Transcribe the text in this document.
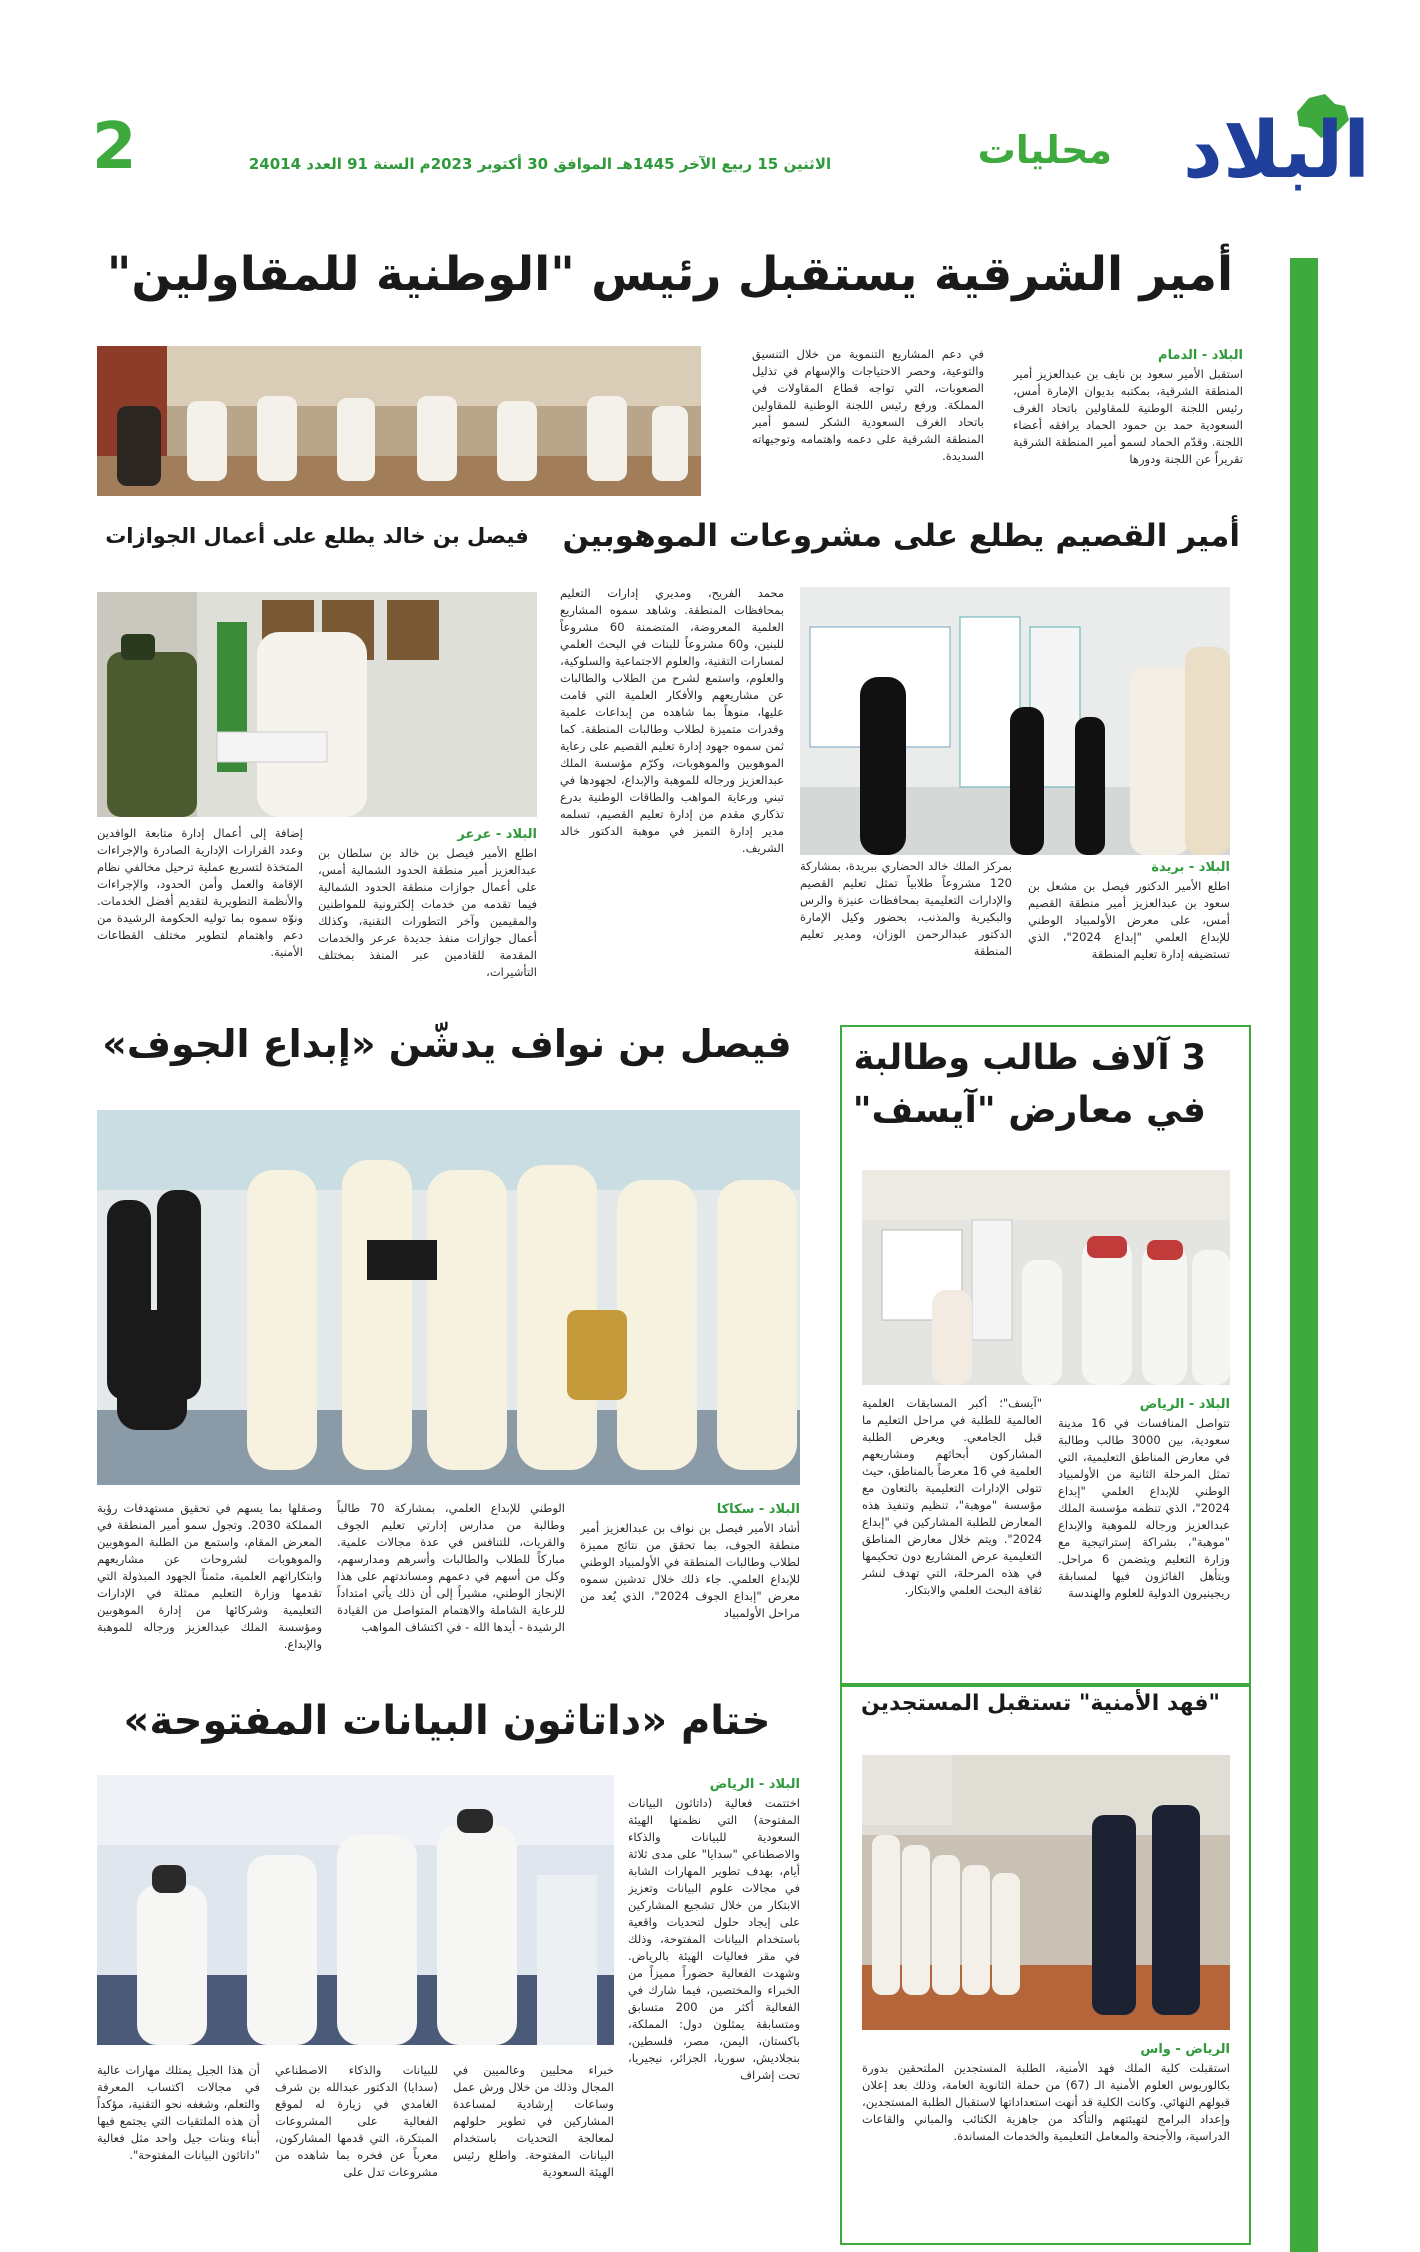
2	الاثنين 15 ربيع الآخر 1445هـ الموافق 30 أكتوبر 2023م السنة 91 العدد 24014	محليات البلاد
أمير الشرقية يستقبل رئيس "الوطنية للمقاولين"
البلاد - الدمام

استقبل الأمير سعود بن نايف بن عبدالعزيز أمير المنطقة الشرقية، بمكتبه بديوان الإمارة أمس، رئيس اللجنة الوطنية للمقاولين باتحاد الغرف السعودية حمد بن حمود الحماد يرافقه أعضاء اللجنة. وقدّم الحماد لسمو أمير المنطقة الشرقية تقريراً عن اللجنة ودورها

في دعم المشاريع التنموية من خلال التنسيق والتوعية، وحصر الاحتياجات والإسهام في تذليل الصعوبات، التي تواجه قطاع المقاولات في المملكة. ورفع رئيس اللجنة الوطنية للمقاولين باتحاد الغرف السعودية الشكر لسمو أمير المنطقة الشرقية على دعمه واهتمامه وتوجيهاته السديدة.

أمير القصيم يطلع على مشروعات الموهوبين
البلاد - بريدة

اطلع الأمير الدكتور فيصل بن مشعل بن سعود بن عبدالعزيز أمير منطقة القصيم أمس، على معرض الأولمبياد الوطني للإبداع العلمي "إبداع 2024"، الذي تستضيفه إدارة تعليم المنطقة

بمركز الملك خالد الحضاري ببريدة، بمشاركة 120 مشروعاً طلابياً تمثل تعليم القصيم والإدارات التعليمية بمحافظات عنيزة والرس والبكيرية والمذنب، بحضور وكيل الإمارة الدكتور عبدالرحمن الوزان، ومدير تعليم المنطقة

محمد الفريح، ومديري إدارات التعليم بمحافظات المنطقة. وشاهد سموه المشاريع العلمية المعروضة، المتضمنة 60 مشروعاً للبنين، و60 مشروعاً للبنات في البحث العلمي لمسارات التقنية، والعلوم الاجتماعية والسلوكية، والعلوم، واستمع لشرح من الطلاب والطالبات عن مشاريعهم والأفكار العلمية التي قامت عليها، منوهاً بما شاهده من إبداعات علمية وقدرات متميزة لطلاب وطالبات المنطقة. كما ثمن سموه جهود إدارة تعليم القصيم على رعاية الموهوبين والموهوبات، وكرّم مؤسسة الملك عبدالعزيز ورجاله للموهبة والإبداع، لجهودها في تبني ورعاية المواهب والطاقات الوطنية بدرع تذكاري مقدم من إدارة تعليم القصيم، تسلمه مدير إدارة التميز في موهبة الدكتور خالد الشريف.

فيصل بن خالد يطلع على أعمال الجوازات
البلاد - عرعر

اطلع الأمير فيصل بن خالد بن سلطان بن عبدالعزيز أمير منطقة الحدود الشمالية أمس، على أعمال جوازات منطقة الحدود الشمالية فيما تقدمه من خدمات إلكترونية للمواطنين والمقيمين وآخر التطورات التقنية، وكذلك أعمال جوازات منفذ جديدة عرعر والخدمات المقدمة للقادمين عبر المنفذ بمختلف التأشيرات،

إضافة إلى أعمال إدارة متابعة الوافدين وعدد القرارات الإدارية الصادرة والإجراءات المتخذة لتسريع عملية ترحيل مخالفي نظام الإقامة والعمل وأمن الحدود، والإجراءات والأنظمة التطويرية لتقديم أفضل الخدمات. ونوّه سموه بما توليه الحكومة الرشيدة من دعم واهتمام لتطوير مختلف القطاعات الأمنية.

فيصل بن نواف يدشّن «إبداع الجوف»
البلاد - سكاكا

أشاد الأمير فيصل بن نواف بن عبدالعزيز أمير منطقة الجوف، بما تحقق من نتائج مميزة لطلاب وطالبات المنطقة في الأولمبياد الوطني للإبداع العلمي. جاء ذلك خلال تدشين سموه معرض "إبداع الجوف 2024"، الذي يُعد من مراحل الأولمبياد

الوطني للإبداع العلمي، بمشاركة 70 طالباً وطالبة من مدارس إدارتي تعليم الجوف والقريات، للتنافس في عدة مجالات علمية. مباركاً للطلاب والطالبات وأسرهم ومدارسهم، وكل من أسهم في دعمهم ومساندتهم على هذا الإنجاز الوطني، مشيراً إلى أن ذلك يأتي امتداداً للرعاية الشاملة والاهتمام المتواصل من القيادة الرشيدة - أيدها الله - في اكتشاف المواهب

وصقلها بما يسهم في تحقيق مستهدفات رؤية المملكة 2030. وتجول سمو أمير المنطقة في المعرض المقام، واستمع من الطلبة الموهوبين والموهوبات لشروحات عن مشاريعهم وابتكاراتهم العلمية، مثمناً الجهود المبذولة التي تقدمها وزارة التعليم ممثلة في الإدارات التعليمية وشركائها من إدارة الموهوبين ومؤسسة الملك عبدالعزيز ورجاله للموهبة والإبداع.

3 آلاف طالب وطالبة
في معارض "آيسف"
البلاد - الرياض

تتواصل المنافسات في 16 مدينة سعودية، بين 3000 طالب وطالبة في معارض المناطق التعليمية، التي تمثل المرحلة الثانية من الأولمبياد الوطني للإبداع العلمي "إبداع 2024"، الذي تنظمه مؤسسة الملك عبدالعزيز ورجاله للموهبة والإبداع "موهبة"، بشراكة إستراتيجية مع وزارة التعليم ويتضمن 6 مراحل. ويتأهل الفائزون فيها لمسابقة ريجينيرون الدولية للعلوم والهندسة

"آيسف"؛ أكبر المسابقات العلمية العالمية للطلبة في مراحل التعليم ما قبل الجامعي. ويعرض الطلبة المشاركون أبحاثهم ومشاريعهم العلمية في 16 معرضاً بالمناطق، حيث تتولى الإدارات التعليمية بالتعاون مع مؤسسة "موهبة"، تنظيم وتنفيذ هذه المعارض للطلبة المشاركين في "إبداع 2024". ويتم خلال معارض المناطق التعليمية عرض المشاريع دون تحكيمها في هذه المرحلة، التي تهدف لنشر ثقافة البحث العلمي والابتكار.

ختام «داتاثون البيانات المفتوحة»
البلاد - الرياض

اختتمت فعالية (داتاثون البيانات المفتوحة) التي نظمتها الهيئة السعودية للبيانات والذكاء والاصطناعي "سدايا" على مدى ثلاثة أيام، بهدف تطوير المهارات الشابة في مجالات علوم البيانات وتعزيز الابتكار من خلال تشجيع المشاركين على إيجاد حلول لتحديات واقعية باستخدام البيانات المفتوحة، وذلك في مقر فعاليات الهيئة بالرياض. وشهدت الفعالية حضوراً مميزاً من الخبراء والمختصين، فيما شارك في الفعالية أكثر من 200 متسابق ومتسابقة يمثلون دول: المملكة، باكستان، اليمن، مصر، فلسطين، بنجلاديش، سوريا، الجزائر، نيجيريا، تحت إشراف

خبراء محليين وعالميين في المجال وذلك من خلال ورش عمل وساعات إرشادية لمساعدة المشاركين في تطوير حلولهم لمعالجة التحديات باستخدام البيانات المفتوحة. واطلع رئيس الهيئة السعودية

للبيانات والذكاء الاصطناعي (سدايا) الدكتور عبدالله بن شرف الغامدي في زيارة له لموقع الفعالية على المشروعات المبتكرة، التي قدمها المشاركون، معرباً عن فخره بما شاهده من مشروعات تدل على

أن هذا الجيل يمتلك مهارات عالية في مجالات اكتساب المعرفة والتعلم، وشغفه نحو التقنية، مؤكداً أن هذه الملتقيات التي يجتمع فيها أبناء وبنات جيل واحد مثل فعالية "داتاثون البيانات المفتوحة".

"فهد الأمنية" تستقبل المستجدين
الرياض - واس

استقبلت كلية الملك فهد الأمنية، الطلبة المستجدين الملتحقين بدورة بكالوريوس العلوم الأمنية الـ (67) من حملة الثانوية العامة، وذلك بعد إعلان قبولهم النهائي. وكانت الكلية قد أنهت استعداداتها لاستقبال الطلبة المستجدين، وإعداد البرامج لتهيئتهم والتأكد من جاهزية الكتائب والمباني والقاعات الدراسية، والأجنحة والمعامل التعليمية والخدمات المساندة.
